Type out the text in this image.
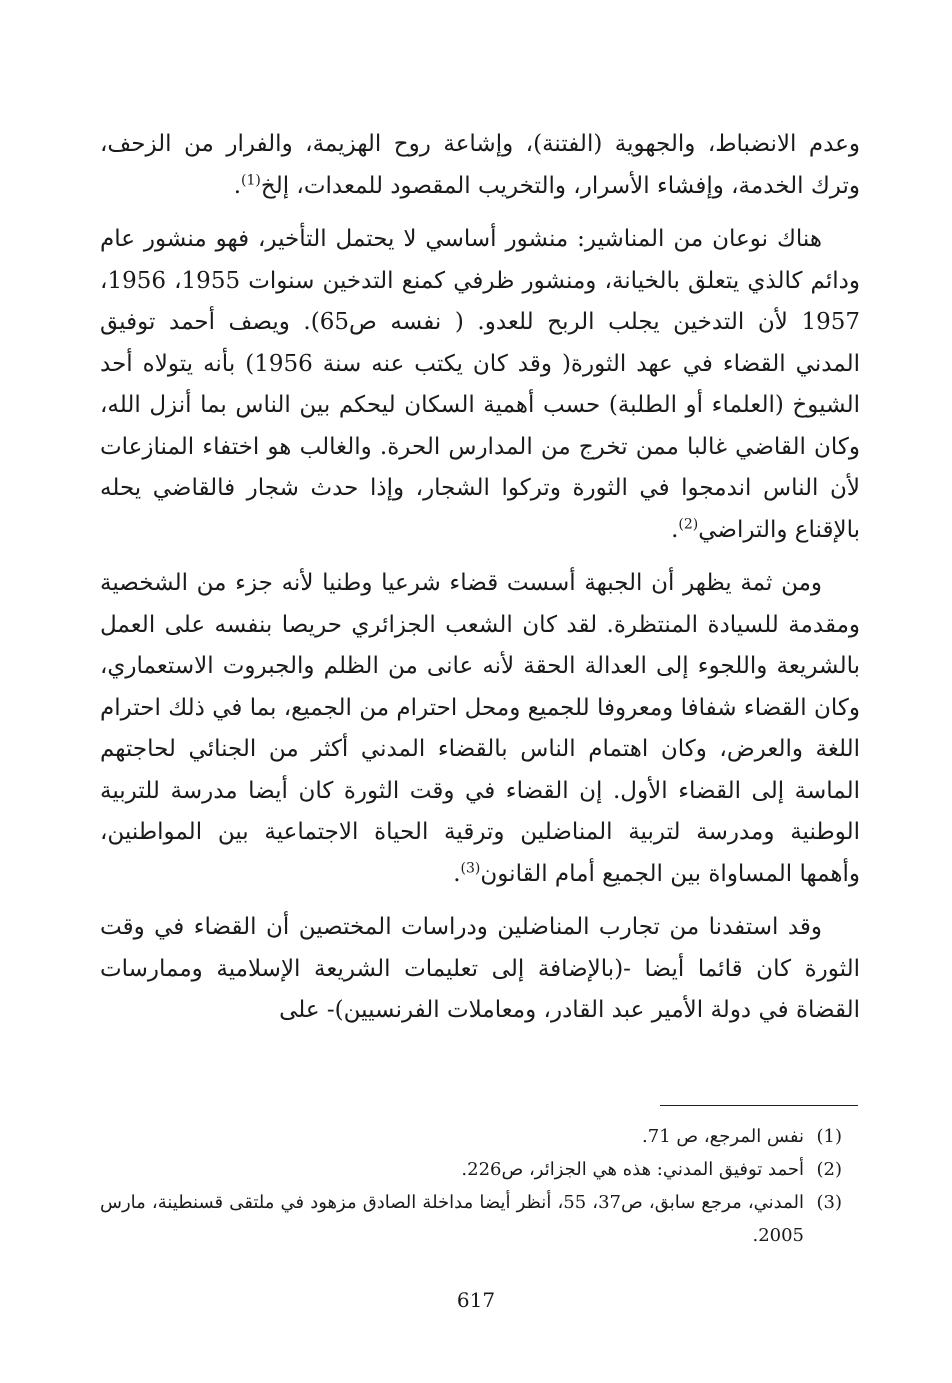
وعدم الانضباط، والجهوية (الفتنة)، وإشاعة روح الهزيمة، والفرار من الزحف، وترك الخدمة، وإفشاء الأسرار، والتخريب المقصود للمعدات، إلخ$^{(1)}$.

هناك نوعان من المناشير: منشور أساسي لا يحتمل التأخير، فهو منشور عام ودائم كالذي يتعلق بالخيانة، ومنشور ظرفي كمنع التدخين سنوات 1955، 1956، 1957 لأن التدخين يجلب الربح للعدو. ( نفسه ص65). ويصف أحمد توفيق المدني القضاء في عهد الثورة( وقد كان يكتب عنه سنة 1956) بأنه يتولاه أحد الشيوخ (العلماء أو الطلبة) حسب أهمية السكان ليحكم بين الناس بما أنزل الله، وكان القاضي غالبا ممن تخرج من المدارس الحرة. والغالب هو اختفاء المنازعات لأن الناس اندمجوا في الثورة وتركوا الشجار، وإذا حدث شجار فالقاضي يحله بالإقناع والتراضي$^{(2)}$.

ومن ثمة يظهر أن الجبهة أسست قضاء شرعيا وطنيا لأنه جزء من الشخصية ومقدمة للسيادة المنتظرة. لقد كان الشعب الجزائري حريصا بنفسه على العمل بالشريعة واللجوء إلى العدالة الحقة لأنه عانى من الظلم والجبروت الاستعماري، وكان القضاء شفافا ومعروفا للجميع ومحل احترام من الجميع، بما في ذلك احترام اللغة والعرض، وكان اهتمام الناس بالقضاء المدني أكثر من الجنائي لحاجتهم الماسة إلى القضاء الأول. إن القضاء في وقت الثورة كان أيضا مدرسة للتربية الوطنية ومدرسة لتربية المناضلين وترقية الحياة الاجتماعية بين المواطنين، وأهمها المساواة بين الجميع أمام القانون$^{(3)}$.

وقد استفدنا من تجارب المناضلين ودراسات المختصين أن القضاء في وقت الثورة كان قائما أيضا -(بالإضافة إلى تعليمات الشريعة الإسلامية وممارسات القضاة في دولة الأمير عبد القادر، ومعاملات الفرنسيين)- على

(1)
نفس المرجع، ص 71.
(2)
أحمد توفيق المدني: هذه هي الجزائر، ص226.
(3)
المدني، مرجع سابق، ص37، 55، أنظر أيضا مداخلة الصادق مزهود في ملتقى قسنطينة، مارس 2005.
617
